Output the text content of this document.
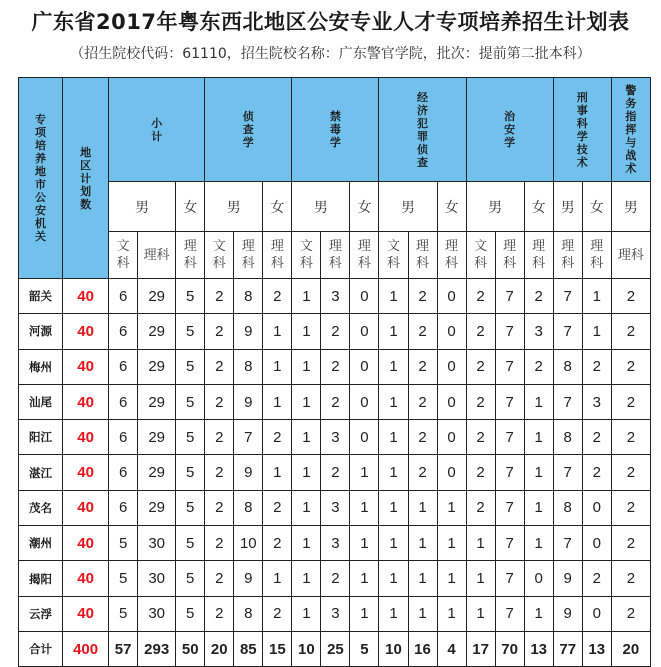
广东省2017年粤东西北地区公安专业人才专项培养招生计划表
（招生院校代码：61110，招生院校名称：广东警官学院，批次：提前第二批本科）
专项培养地市公安机关	地区计划数	小计			侦查学			禁毒学			经济犯罪侦查			治安学			刑事科学技术		警务指挥与战术
		男		女	男		女	男		女	男		女	男		女	男	女	男
		文科	理科	理科	文科	理科	理科	文科	理科	理科	文科	理科	理科	文科	理科	理科	理科	理科	理科
韶关	40	6	29	5	2	8	2	1	3	0	1	2	0	2	7	2	7	1	2
河源	40	6	29	5	2	9	1	1	2	0	1	2	0	2	7	3	7	1	2
梅州	40	6	29	5	2	8	1	1	2	0	1	2	0	2	7	2	8	2	2
汕尾	40	6	29	5	2	9	1	1	2	0	1	2	0	2	7	1	7	3	2
阳江	40	6	29	5	2	7	2	1	3	0	1	2	0	2	7	1	8	2	2
湛江	40	6	29	5	2	9	1	1	2	1	1	2	0	2	7	1	7	2	2
茂名	40	6	29	5	2	8	2	1	3	1	1	1	1	2	7	1	8	0	2
潮州	40	5	30	5	2	10	2	1	3	1	1	1	1	1	7	1	7	0	2
揭阳	40	5	30	5	2	9	1	1	2	1	1	1	1	1	7	0	9	2	2
云浮	40	5	30	5	2	8	2	1	3	1	1	1	1	1	7	1	9	0	2
合计	400	57	293	50	20	85	15	10	25	5	10	16	4	17	70	13	77	13	20
